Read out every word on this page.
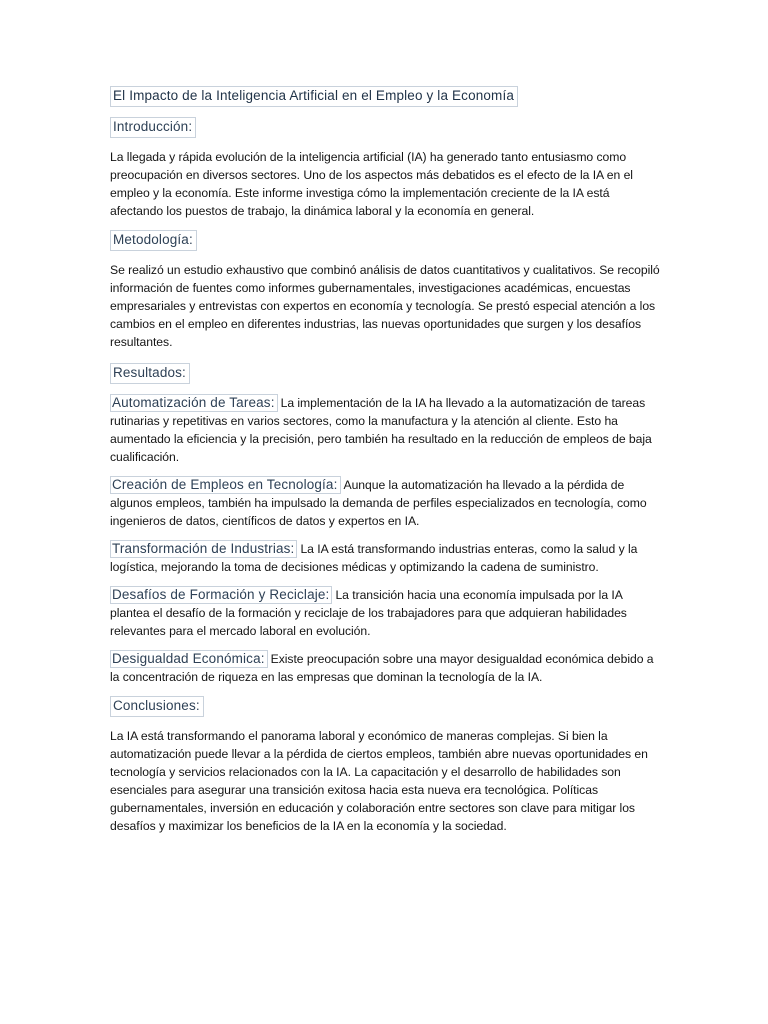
El Impacto de la Inteligencia Artificial en el Empleo y la Economía
Introducción:

La llegada y rápida evolución de la inteligencia artificial (IA) ha generado tanto entusiasmo como preocupación en diversos sectores. Uno de los aspectos más debatidos es el efecto de la IA en el empleo y la economía. Este informe investiga cómo la implementación creciente de la IA está afectando los puestos de trabajo, la dinámica laboral y la economía en general.

Metodología:

Se realizó un estudio exhaustivo que combinó análisis de datos cuantitativos y cualitativos. Se recopiló información de fuentes como informes gubernamentales, investigaciones académicas, encuestas empresariales y entrevistas con expertos en economía y tecnología. Se prestó especial atención a los cambios en el empleo en diferentes industrias, las nuevas oportunidades que surgen y los desafíos resultantes.

Resultados:

Automatización de Tareas: La implementación de la IA ha llevado a la automatización de tareas rutinarias y repetitivas en varios sectores, como la manufactura y la atención al cliente. Esto ha aumentado la eficiencia y la precisión, pero también ha resultado en la reducción de empleos de baja cualificación.

Creación de Empleos en Tecnología: Aunque la automatización ha llevado a la pérdida de algunos empleos, también ha impulsado la demanda de perfiles especializados en tecnología, como ingenieros de datos, científicos de datos y expertos en IA.

Transformación de Industrias: La IA está transformando industrias enteras, como la salud y la logística, mejorando la toma de decisiones médicas y optimizando la cadena de suministro.

Desafíos de Formación y Reciclaje: La transición hacia una economía impulsada por la IA plantea el desafío de la formación y reciclaje de los trabajadores para que adquieran habilidades relevantes para el mercado laboral en evolución.

Desigualdad Económica: Existe preocupación sobre una mayor desigualdad económica debido a la concentración de riqueza en las empresas que dominan la tecnología de la IA.

Conclusiones:

La IA está transformando el panorama laboral y económico de maneras complejas. Si bien la automatización puede llevar a la pérdida de ciertos empleos, también abre nuevas oportunidades en tecnología y servicios relacionados con la IA. La capacitación y el desarrollo de habilidades son esenciales para asegurar una transición exitosa hacia esta nueva era tecnológica. Políticas gubernamentales, inversión en educación y colaboración entre sectores son clave para mitigar los desafíos y maximizar los beneficios de la IA en la economía y la sociedad.
